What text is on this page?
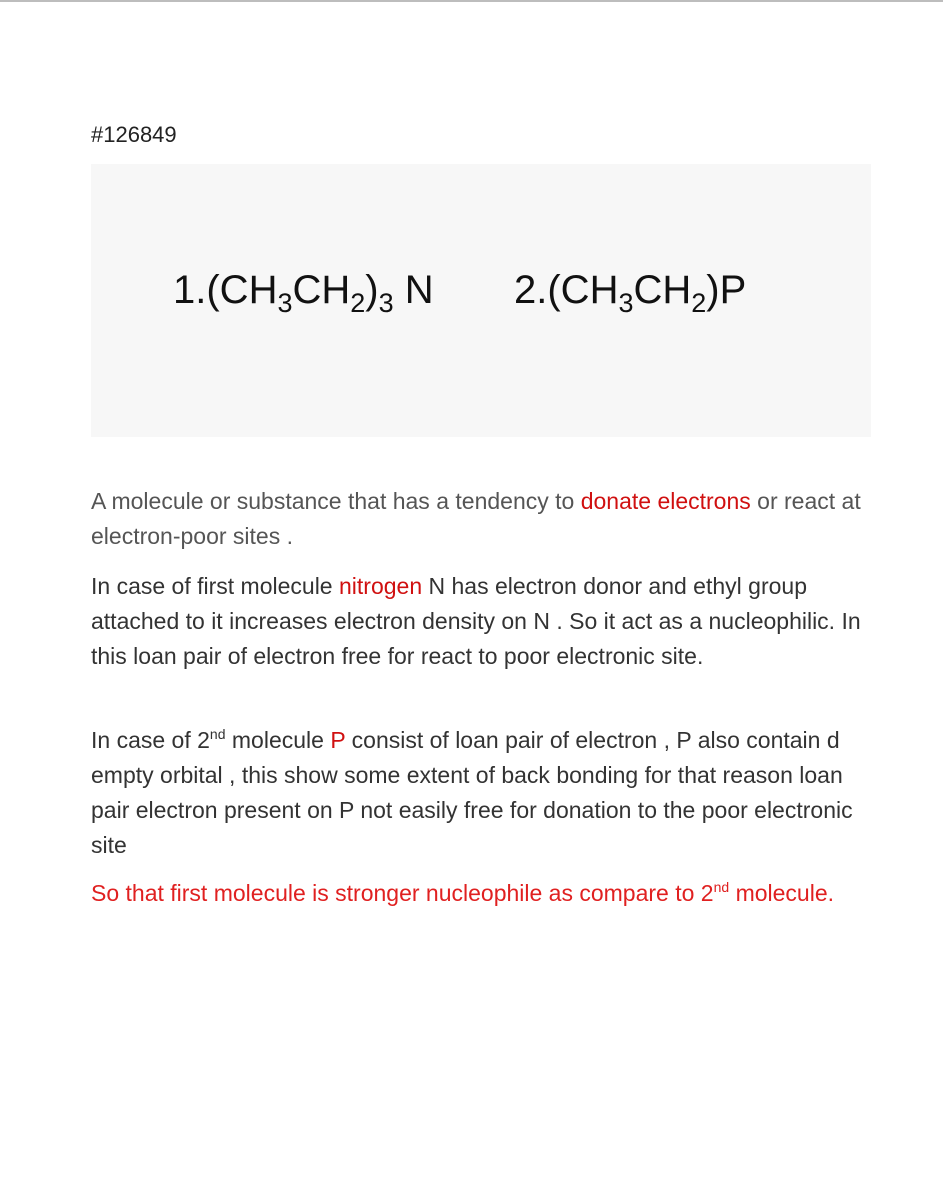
#126849
$1.(CH_3CH_2)_3$ N $2.(CH_3CH_2)P$
A molecule or substance that has a tendency to donate electrons or react at electron-poor sites .
In case of first molecule nitrogen N has electron donor and ethyl group attached to it increases electron density on N . So it act as a nucleophilic. In this loan pair of electron free for react to poor electronic site.
In case of 2nd molecule P consist of loan pair of electron , P also contain d empty orbital , this show some extent of back bonding for that reason loan pair electron present on P not easily free for donation to the poor electronic site
So that first molecule is stronger nucleophile as compare to 2nd molecule.
